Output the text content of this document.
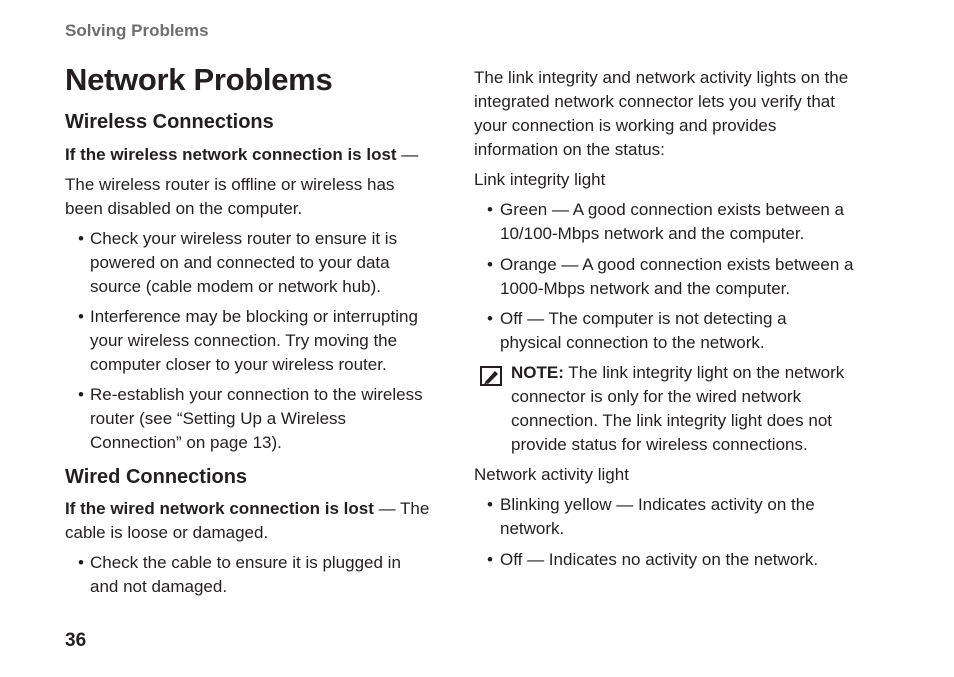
Solving Problems
Network Problems
Wireless Connections

If the wireless network connection is lost —

The wireless router is offline or wireless has been disabled on the computer.

• Check your wireless router to ensure it is powered on and connected to your data source (cable modem or network hub).
• Interference may be blocking or interrupting your wireless connection. Try moving the computer closer to your wireless router.
• Re-establish your connection to the wireless router (see “Setting Up a Wireless Connection” on page 13).
Wired Connections

If the wired network connection is lost — The cable is loose or damaged.

• Check the cable to ensure it is plugged in and not damaged.

The link integrity and network activity lights on the integrated network connector lets you verify that your connection is working and provides information on the status:

Link integrity light

• Green — A good connection exists between a 10/100-Mbps network and the computer.
• Orange — A good connection exists between a 1000-Mbps network and the computer.
• Off — The computer is not detecting a physical connection to the network.
NOTE: The link integrity light on the network connector is only for the wired network connection. The link integrity light does not provide status for wireless connections.

Network activity light

• Blinking yellow — Indicates activity on the network.
• Off — Indicates no activity on the network.
36
